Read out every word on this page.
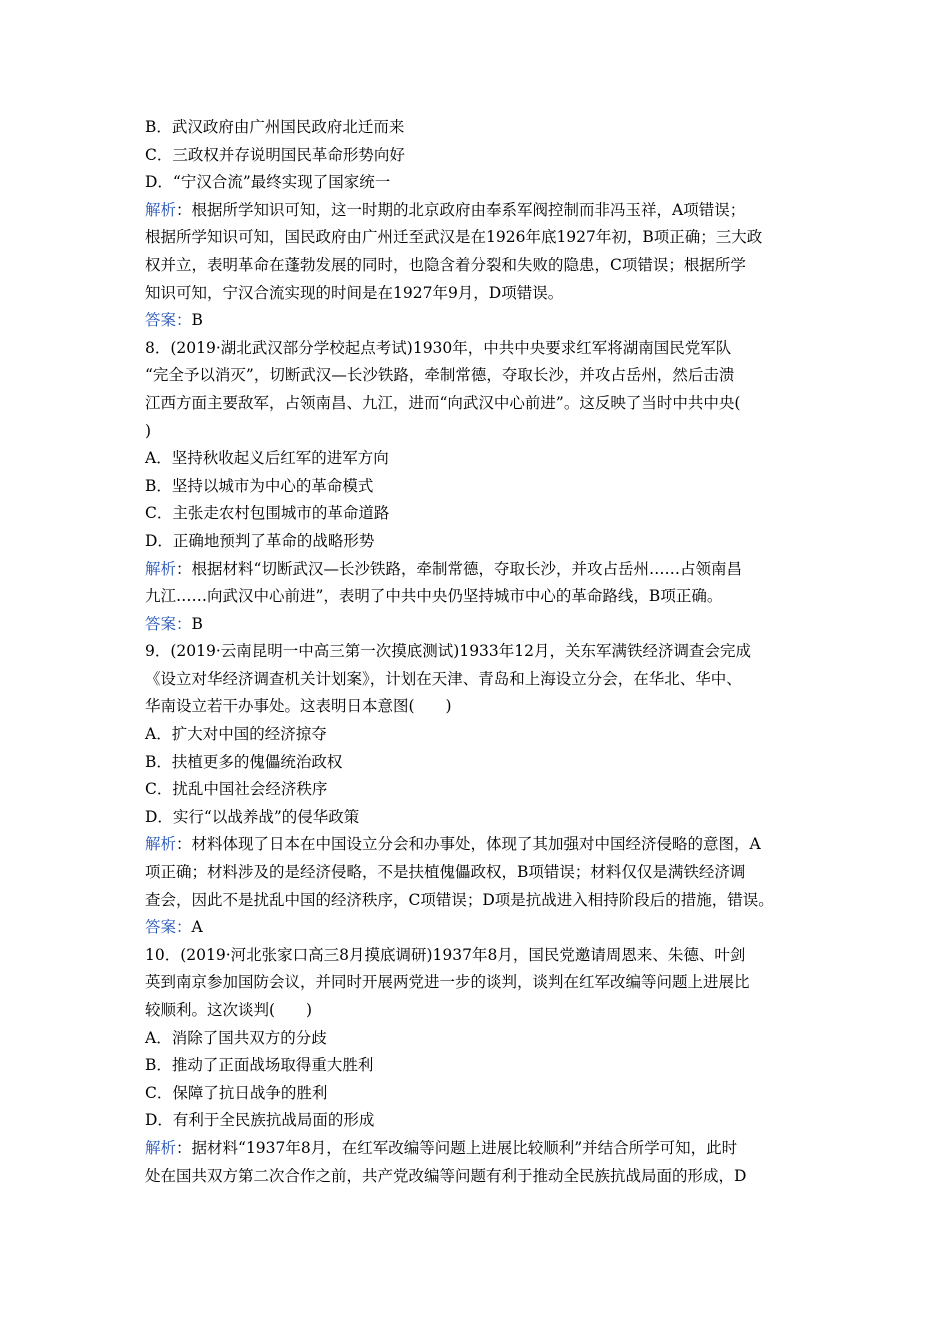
B．武汉政府由广州国民政府北迁而来
C．三政权并存说明国民革命形势向好
D．“宁汉合流”最终实现了国家统一
解析：根据所学知识可知，这一时期的北京政府由奉系军阀控制而非冯玉祥，A项错误；
根据所学知识可知，国民政府由广州迁至武汉是在1926年底1927年初，B项正确；三大政
权并立，表明革命在蓬勃发展的同时，也隐含着分裂和失败的隐患，C项错误；根据所学
知识可知，宁汉合流实现的时间是在1927年9月，D项错误。
答案：B
8．(2019·湖北武汉部分学校起点考试)1930年，中共中央要求红军将湖南国民党军队
“完全予以消灭”，切断武汉—长沙铁路，牵制常德，夺取长沙，并攻占岳州，然后击溃
江西方面主要敌军，占领南昌、九江，进而“向武汉中心前进”。这反映了当时中共中央(
)
A．坚持秋收起义后红军的进军方向
B．坚持以城市为中心的革命模式
C．主张走农村包围城市的革命道路
D．正确地预判了革命的战略形势
解析：根据材料“切断武汉—长沙铁路，牵制常德，夺取长沙，并攻占岳州……占领南昌
九江……向武汉中心前进”，表明了中共中央仍坚持城市中心的革命路线，B项正确。
答案：B
9．(2019·云南昆明一中高三第一次摸底测试)1933年12月，关东军满铁经济调查会完成
《设立对华经济调查机关计划案》，计划在天津、青岛和上海设立分会，在华北、华中、
华南设立若干办事处。这表明日本意图(　　)
A．扩大对中国的经济掠夺
B．扶植更多的傀儡统治政权
C．扰乱中国社会经济秩序
D．实行“以战养战”的侵华政策
解析：材料体现了日本在中国设立分会和办事处，体现了其加强对中国经济侵略的意图，A
项正确；材料涉及的是经济侵略，不是扶植傀儡政权，B项错误；材料仅仅是满铁经济调
查会，因此不是扰乱中国的经济秩序，C项错误；D项是抗战进入相持阶段后的措施，错误。
答案：A
10．(2019·河北张家口高三8月摸底调研)1937年8月，国民党邀请周恩来、朱德、叶剑
英到南京参加国防会议，并同时开展两党进一步的谈判，谈判在红军改编等问题上进展比
较顺利。这次谈判(　　)
A．消除了国共双方的分歧
B．推动了正面战场取得重大胜利
C．保障了抗日战争的胜利
D．有利于全民族抗战局面的形成
解析：据材料“1937年8月，在红军改编等问题上进展比较顺利”并结合所学可知，此时
处在国共双方第二次合作之前，共产党改编等问题有利于推动全民族抗战局面的形成，D
